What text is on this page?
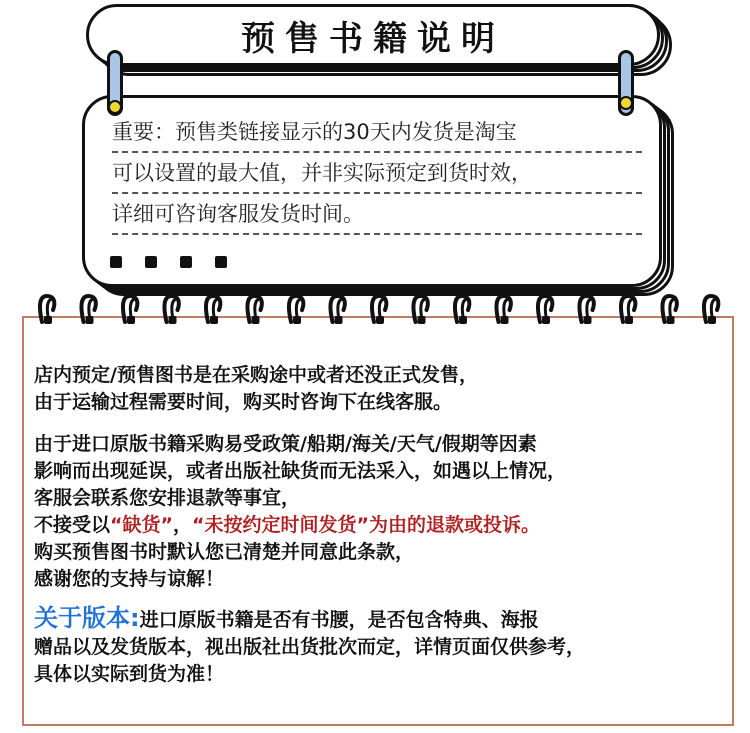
预售书籍说明
重要：预售类链接显示的30天内发货是淘宝
可以设置的最大值，并非实际预定到货时效，
详细可咨询客服发货时间。
店内预定/预售图书是在采购途中或者还没正式发售，
由于运输过程需要时间，购买时咨询下在线客服。
由于进口原版书籍采购易受政策/船期/海关/天气/假期等因素
影响而出现延误，或者出版社缺货而无法采入，如遇以上情况，
客服会联系您安排退款等事宜，
不接受以“缺货”，“未按约定时间发货”为由的退款或投诉。
购买预售图书时默认您已清楚并同意此条款，
感谢您的支持与谅解！
关于版本:进口原版书籍是否有书腰，是否包含特典、海报
赠品以及发货版本，视出版社出货批次而定，详情页面仅供参考，
具体以实际到货为准！
